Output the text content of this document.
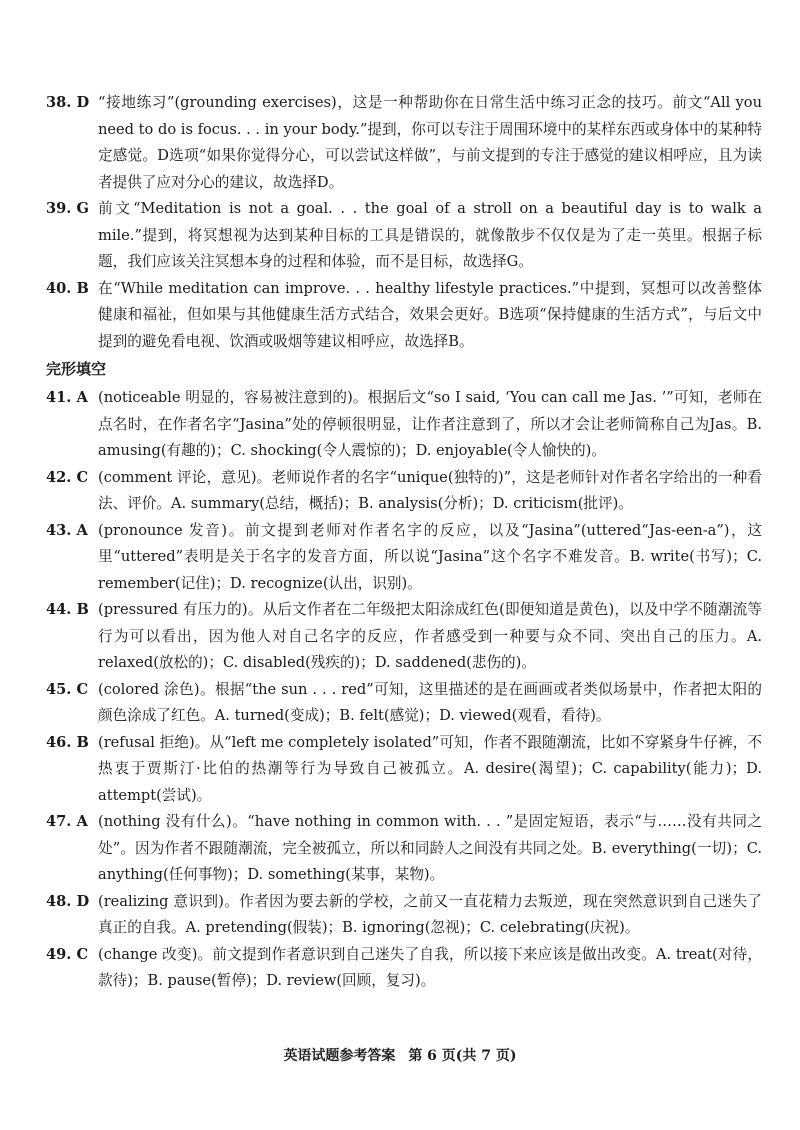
38. D “接地练习”(grounding exercises)，这是一种帮助你在日常生活中练习正念的技巧。前文“All you need to do is focus. . . in your body.”提到，你可以专注于周围环境中的某样东西或身体中的某种特定感觉。D选项“如果你觉得分心，可以尝试这样做”，与前文提到的专注于感觉的建议相呼应，且为读者提供了应对分心的建议，故选择D。
39. G 前文“Meditation is not a goal. . . the goal of a stroll on a beautiful day is to walk a mile.”提到，将冥想视为达到某种目标的工具是错误的，就像散步不仅仅是为了走一英里。根据子标题，我们应该关注冥想本身的过程和体验，而不是目标，故选择G。
40. B 在“While meditation can improve. . . healthy lifestyle practices.”中提到，冥想可以改善整体健康和福祉，但如果与其他健康生活方式结合，效果会更好。B选项“保持健康的生活方式”，与后文中提到的避免看电视、饮酒或吸烟等建议相呼应，故选择B。
完形填空
41. A (noticeable 明显的，容易被注意到的)。根据后文“so I said, ‘You can call me Jas. ’”可知，老师在点名时，在作者名字“Jasina”处的停顿很明显，让作者注意到了，所以才会让老师简称自己为Jas。B. amusing(有趣的)；C. shocking(令人震惊的)；D. enjoyable(令人愉快的)。
42. C (comment 评论，意见)。老师说作者的名字“unique(独特的)”，这是老师针对作者名字给出的一种看法、评价。A. summary(总结，概括)；B. analysis(分析)；D. criticism(批评)。
43. A (pronounce 发音)。前文提到老师对作者名字的反应，以及“Jasina”(uttered“Jas-een-a”)，这里“uttered”表明是关于名字的发音方面，所以说“Jasina”这个名字不难发音。B. write(书写)；C. remember(记住)；D. recognize(认出，识别)。
44. B (pressured 有压力的)。从后文作者在二年级把太阳涂成红色(即便知道是黄色)，以及中学不随潮流等行为可以看出，因为他人对自己名字的反应，作者感受到一种要与众不同、突出自己的压力。A. relaxed(放松的)；C. disabled(残疾的)；D. saddened(悲伤的)。
45. C (colored 涂色)。根据“the sun . . . red”可知，这里描述的是在画画或者类似场景中，作者把太阳的颜色涂成了红色。A. turned(变成)；B. felt(感觉)；D. viewed(观看，看待)。
46. B (refusal 拒绝)。从“left me completely isolated”可知，作者不跟随潮流，比如不穿紧身牛仔裤，不热衷于贾斯汀·比伯的热潮等行为导致自己被孤立。A. desire(渴望)；C. capability(能力)；D. attempt(尝试)。
47. A (nothing 没有什么)。“have nothing in common with. . . ”是固定短语，表示“与……没有共同之处”。因为作者不跟随潮流，完全被孤立，所以和同龄人之间没有共同之处。B. everything(一切)；C. anything(任何事物)；D. something(某事，某物)。
48. D (realizing 意识到)。作者因为要去新的学校，之前又一直花精力去叛逆，现在突然意识到自己迷失了真正的自我。A. pretending(假装)；B. ignoring(忽视)；C. celebrating(庆祝)。
49. C (change 改变)。前文提到作者意识到自己迷失了自我，所以接下来应该是做出改变。A. treat(对待，款待)；B. pause(暂停)；D. review(回顾，复习)。
英语试题参考答案 第 6 页(共 7 页)
